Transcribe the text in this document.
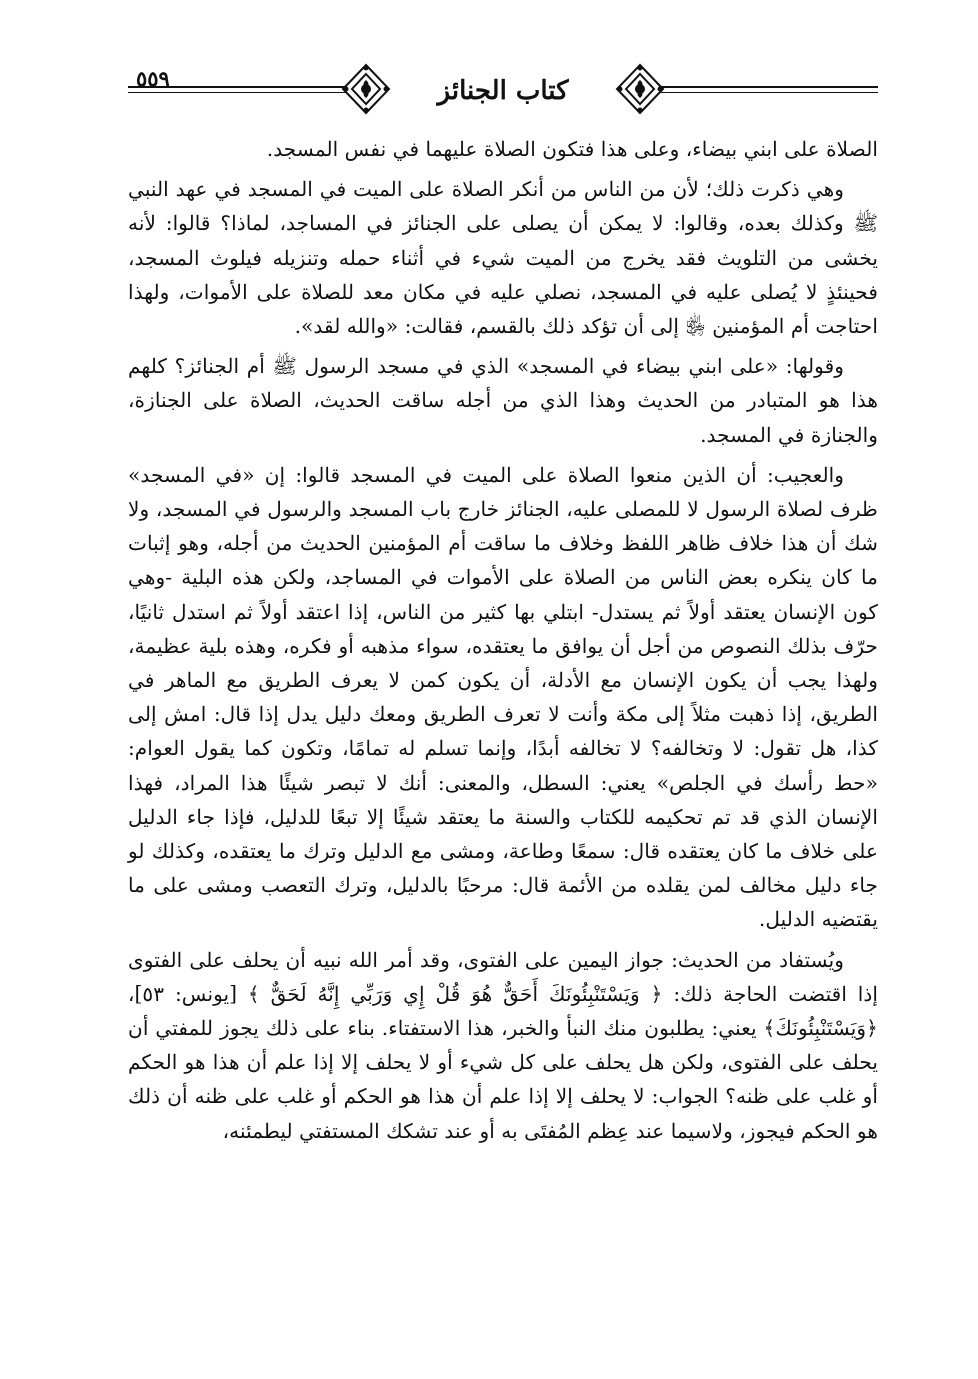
٥٥٩	كتاب الجنائز

الصلاة على ابني بيضاء، وعلى هذا فتكون الصلاة عليهما في نفس المسجد.

وهي ذكرت ذلك؛ لأن من الناس من أنكر الصلاة على الميت في المسجد في عهد النبي ﷺ وكذلك بعده، وقالوا: لا يمكن أن يصلى على الجنائز في المساجد، لماذا؟ قالوا: لأنه يخشى من التلويث فقد يخرج من الميت شيء في أثناء حمله وتنزيله فيلوث المسجد، فحينئذٍ لا يُصلى عليه في المسجد، نصلي عليه في مكان معد للصلاة على الأموات، ولهذا احتاجت أم المؤمنين ﵂ إلى أن تؤكد ذلك بالقسم، فقالت: «والله لقد».

وقولها: «على ابني بيضاء في المسجد» الذي في مسجد الرسول ﷺ أم الجنائز؟ كلهم هذا هو المتبادر من الحديث وهذا الذي من أجله ساقت الحديث، الصلاة على الجنازة، والجنازة في المسجد.

والعجيب: أن الذين منعوا الصلاة على الميت في المسجد قالوا: إن «في المسجد» ظرف لصلاة الرسول لا للمصلى عليه، الجنائز خارج باب المسجد والرسول في المسجد، ولا شك أن هذا خلاف ظاهر اللفظ وخلاف ما ساقت أم المؤمنين الحديث من أجله، وهو إثبات ما كان ينكره بعض الناس من الصلاة على الأموات في المساجد، ولكن هذه البلية -وهي كون الإنسان يعتقد أولاً ثم يستدل- ابتلي بها كثير من الناس، إذا اعتقد أولاً ثم استدل ثانيًا، حرّف بذلك النصوص من أجل أن يوافق ما يعتقده، سواء مذهبه أو فكره، وهذه بلية عظيمة، ولهذا يجب أن يكون الإنسان مع الأدلة، أن يكون كمن لا يعرف الطريق مع الماهر في الطريق، إذا ذهبت مثلاً إلى مكة وأنت لا تعرف الطريق ومعك دليل يدل إذا قال: امش إلى كذا، هل تقول: لا وتخالفه؟ لا تخالفه أبدًا، وإنما تسلم له تمامًا، وتكون كما يقول العوام: «حط رأسك في الجلص» يعني: السطل، والمعنى: أنك لا تبصر شيئًا هذا المراد، فهذا الإنسان الذي قد تم تحكيمه للكتاب والسنة ما يعتقد شيئًا إلا تبعًا للدليل، فإذا جاء الدليل على خلاف ما كان يعتقده قال: سمعًا وطاعة، ومشى مع الدليل وترك ما يعتقده، وكذلك لو جاء دليل مخالف لمن يقلده من الأئمة قال: مرحبًا بالدليل، وترك التعصب ومشى على ما يقتضيه الدليل.

ويُستفاد من الحديث: جواز اليمين على الفتوى، وقد أمر الله نبيه أن يحلف على الفتوى إذا اقتضت الحاجة ذلك: ﴿ وَيَسْتَنْبِئُونَكَ أَحَقٌّ هُوَ قُلْ إِي وَرَبِّي إِنَّهُ لَحَقٌّ ﴾ [يونس: ٥٣]، ﴿وَيَسْتَنْبِئُونَكَ﴾ يعني: يطلبون منك النبأ والخبر، هذا الاستفتاء. بناء على ذلك يجوز للمفتي أن يحلف على الفتوى، ولكن هل يحلف على كل شيء أو لا يحلف إلا إذا علم أن هذا هو الحكم أو غلب على ظنه؟ الجواب: لا يحلف إلا إذا علم أن هذا هو الحكم أو غلب على ظنه أن ذلك هو الحكم فيجوز، ولاسيما عند عِظم المُفتَى به أو عند تشكك المستفتي ليطمئنه،
